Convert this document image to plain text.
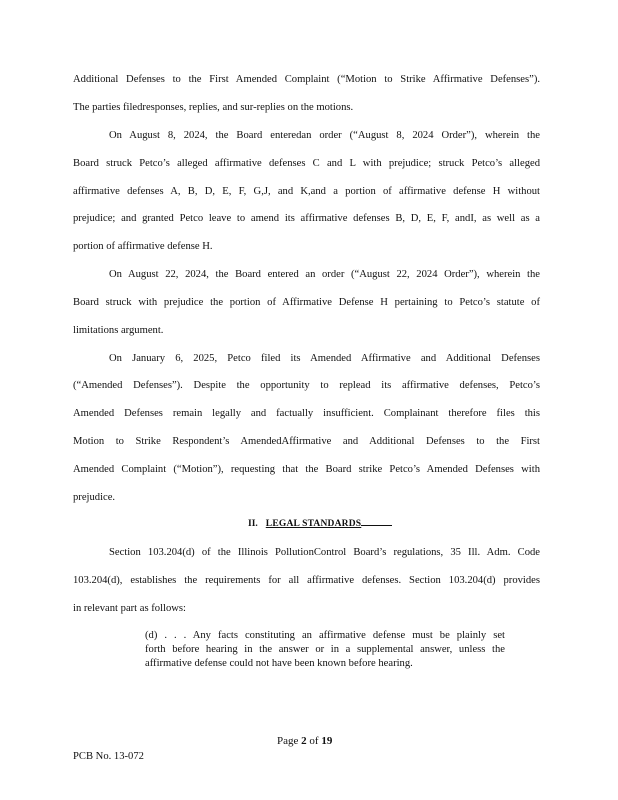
Additional Defenses to the First Amended Complaint (“Motion to Strike Affirmative Defenses”).
The parties filedresponses, replies, and sur-replies on the motions.
On August 8, 2024, the Board enteredan order (“August 8, 2024 Order”), wherein the
Board struck Petco’s alleged affirmative defenses C and L with prejudice; struck Petco’s alleged
affirmative defenses A, B, D, E, F, G,J, and K,and a portion of affirmative defense H without
prejudice; and granted Petco leave to amend its affirmative defenses B, D, E, F, andI, as well as a
portion of affirmative defense H.
On August 22, 2024, the Board entered an order (“August 22, 2024 Order”), wherein the
Board struck with prejudice the portion of Affirmative Defense H pertaining to Petco’s statute of
limitations argument.
On January 6, 2025, Petco filed its Amended Affirmative and Additional Defenses
(“Amended Defenses”). Despite the opportunity to replead its affirmative defenses, Petco’s
Amended Defenses remain legally and factually insufficient. Complainant therefore files this
Motion to Strike Respondent’s AmendedAffirmative and Additional Defenses to the First
Amended Complaint (“Motion”), requesting that the Board strike Petco’s Amended Defenses with
prejudice.
II. LEGAL STANDARDS
Section 103.204(d) of the Illinois PollutionControl Board’s regulations, 35 Ill. Adm. Code
103.204(d), establishes the requirements for all affirmative defenses. Section 103.204(d) provides
in relevant part as follows:
(d) . . . Any facts constituting an affirmative defense must be plainly set
forth before hearing in the answer or in a supplemental answer, unless the
affirmative defense could not have been known before hearing.
Page 2 of 19
PCB No. 13-072
